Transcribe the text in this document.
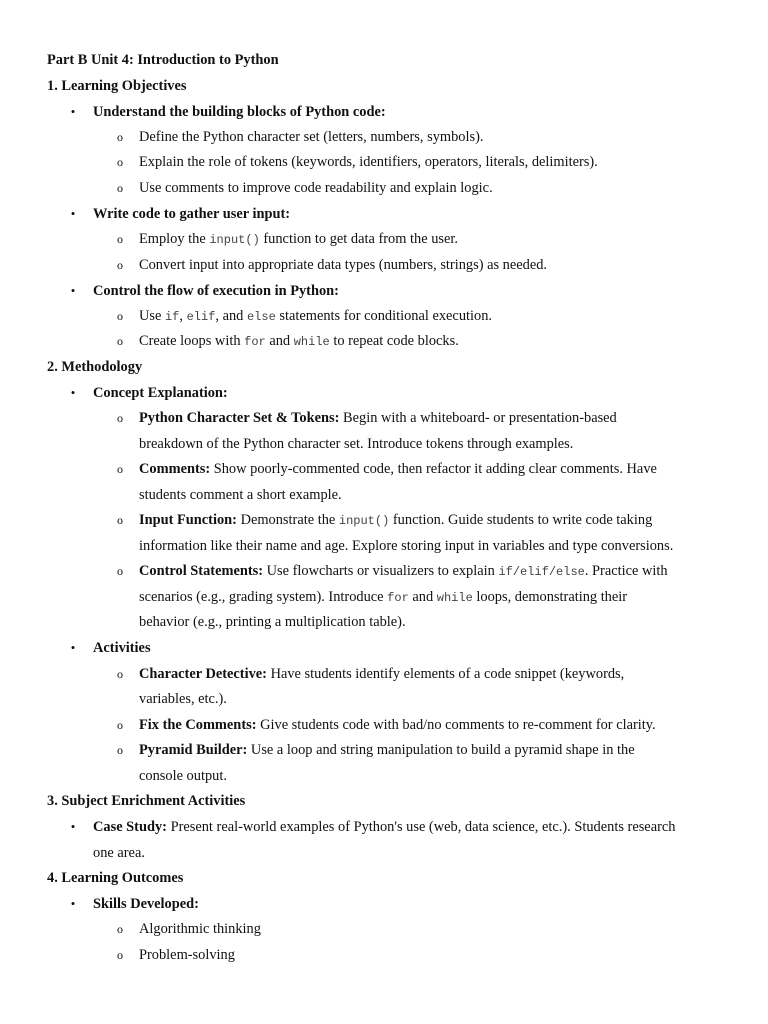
Part B Unit 4: Introduction to Python
1. Learning Objectives
•	Understand the building blocks of Python code:
o	Define the Python character set (letters, numbers, symbols).
o	Explain the role of tokens (keywords, identifiers, operators, literals, delimiters).
o	Use comments to improve code readability and explain logic.
•	Write code to gather user input:
o	Employ the input() function to get data from the user.
o	Convert input into appropriate data types (numbers, strings) as needed.
•	Control the flow of execution in Python:
o	Use if, elif, and else statements for conditional execution.
o	Create loops with for and while to repeat code blocks.
2. Methodology
•	Concept Explanation:
o	Python Character Set & Tokens: Begin with a whiteboard- or presentation-based
breakdown of the Python character set. Introduce tokens through examples.
o	Comments: Show poorly-commented code, then refactor it adding clear comments. Have
students comment a short example.
o	Input Function: Demonstrate the input() function. Guide students to write code taking
information like their name and age. Explore storing input in variables and type conversions.
o	Control Statements: Use flowcharts or visualizers to explain if/elif/else. Practice with
scenarios (e.g., grading system). Introduce for and while loops, demonstrating their
behavior (e.g., printing a multiplication table).
•	Activities
o	Character Detective: Have students identify elements of a code snippet (keywords,
variables, etc.).
o	Fix the Comments: Give students code with bad/no comments to re-comment for clarity.
o	Pyramid Builder: Use a loop and string manipulation to build a pyramid shape in the
console output.
3. Subject Enrichment Activities
•	Case Study: Present real-world examples of Python's use (web, data science, etc.). Students research
one area.
4. Learning Outcomes
•	Skills Developed:
o	Algorithmic thinking
o	Problem-solving
